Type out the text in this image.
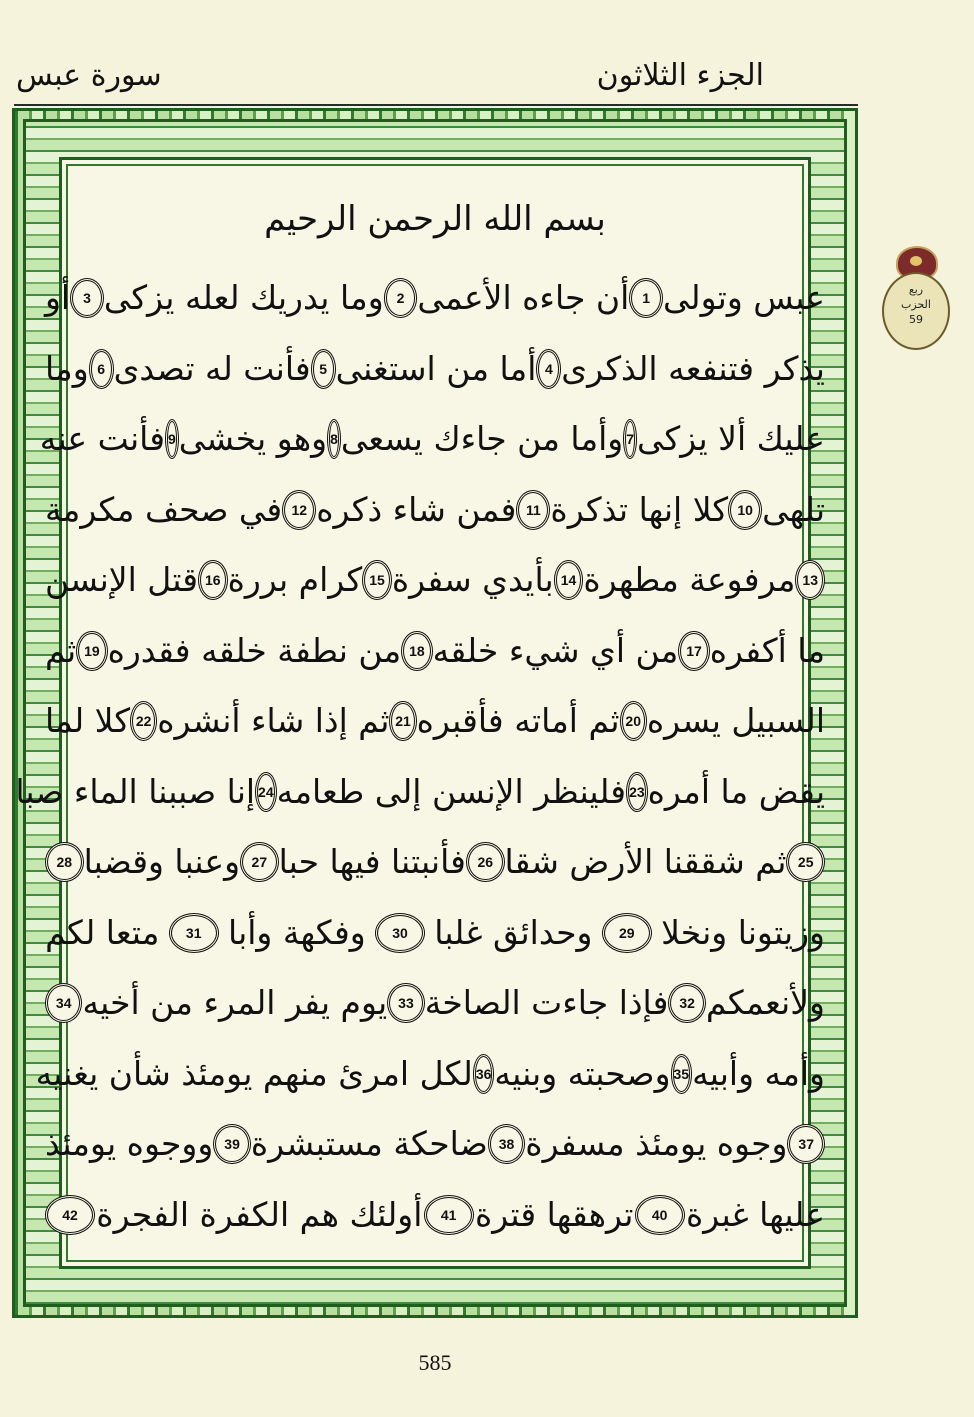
سورة عبس	الجزء الثلاثون
بسم الله الرحمن الرحيم
عبس وتولى
1
أن جاءه الأعمى
2
وما يدريك لعله يزكى
3
أو
يذكر فتنفعه الذكرى
4
أما من استغنى
5
فأنت له تصدى
6
وما
عليك ألا يزكى
7
وأما من جاءك يسعى
8
وهو يخشى
9
فأنت عنه
تلهى
10
كلا إنها تذكرة
11
فمن شاء ذكره
12
في صحف مكرمة
13
مرفوعة مطهرة
14
بأيدي سفرة
15
كرام بررة
16
قتل الإنسن
ما أكفره
17
من أي شيء خلقه
18
من نطفة خلقه فقدره
19
ثم
السبيل يسره
20
ثم أماته فأقبره
21
ثم إذا شاء أنشره
22
كلا لما
يقض ما أمره
23
فلينظر الإنسن إلى طعامه
24
إنا صببنا الماء صبا
25
ثم شققنا الأرض شقا
26
فأنبتنا فيها حبا
27
وعنبا وقضبا
28
وزيتونا ونخلا
29
وحدائق غلبا
30
وفكهة وأبا
31
متعا لكم
ولأنعمكم
32
فإذا جاءت الصاخة
33
يوم يفر المرء من أخيه
34
وأمه وأبيه
35
وصحبته وبنيه
36
لكل امرئ منهم يومئذ شأن يغنيه
37
وجوه يومئذ مسفرة
38
ضاحكة مستبشرة
39
ووجوه يومئذ
عليها غبرة
40
ترهقها قترة
41
أولئك هم الكفرة الفجرة
42
ربع
الحزب
59
585
